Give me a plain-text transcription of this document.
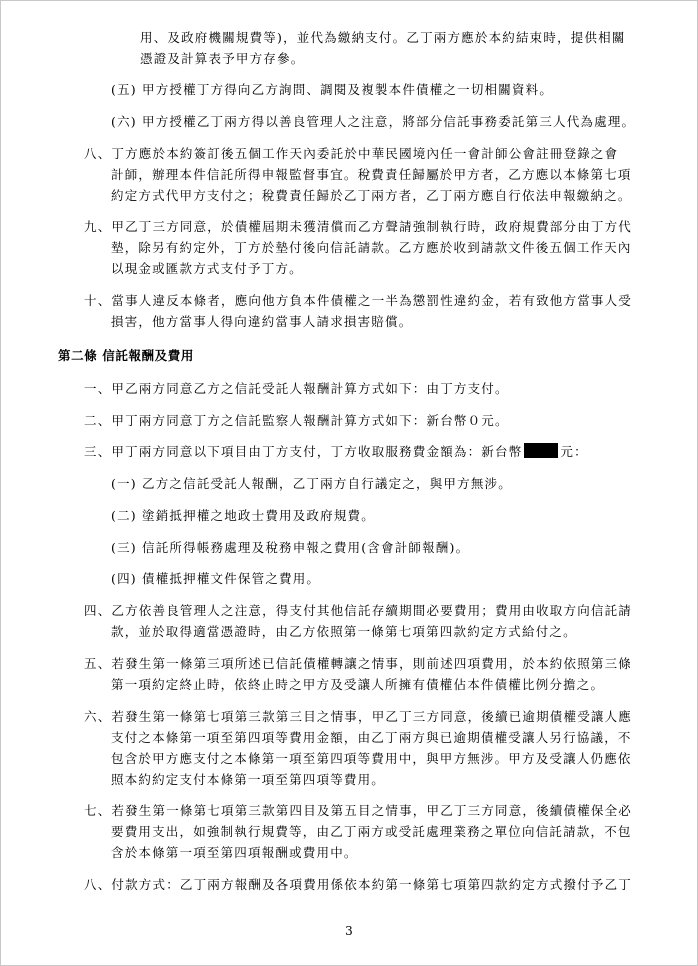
用、及政府機關規費等)，並代為繳納支付。乙丁兩方應於本約結束時，提供相關
憑證及計算表予甲方存參。
(五) 甲方授權丁方得向乙方詢問、調閱及複製本件債權之一切相關資料。
(六) 甲方授權乙丁兩方得以善良管理人之注意，將部分信託事務委託第三人代為處理。
八、丁方應於本約簽訂後五個工作天內委託於中華民國境內任一會計師公會註冊登錄之會
計師，辦理本件信託所得申報監督事宜。稅費責任歸屬於甲方者，乙方應以本條第七項
約定方式代甲方支付之；稅費責任歸於乙丁兩方者，乙丁兩方應自行依法申報繳納之。
九、甲乙丁三方同意，於債權屆期未獲清償而乙方聲請強制執行時，政府規費部分由丁方代
墊，除另有約定外，丁方於墊付後向信託請款。乙方應於收到請款文件後五個工作天內
以現金或匯款方式支付予丁方。
十、當事人違反本條者，應向他方負本件債權之一半為懲罰性違約金，若有致他方當事人受
損害，他方當事人得向違約當事人請求損害賠償。
第二條 信託報酬及費用
一、甲乙兩方同意乙方之信託受託人報酬計算方式如下：由丁方支付。
二、甲丁兩方同意丁方之信託監察人報酬計算方式如下：新台幣０元。
三、甲丁兩方同意以下項目由丁方支付，丁方收取服務費金額為：新台幣	元：
(一) 乙方之信託受託人報酬，乙丁兩方自行議定之，與甲方無涉。
(二) 塗銷抵押權之地政士費用及政府規費。
(三) 信託所得帳務處理及稅務申報之費用(含會計師報酬)。
(四) 債權抵押權文件保管之費用。
四、乙方依善良管理人之注意，得支付其他信託存續期間必要費用；費用由收取方向信託請
款，並於取得適當憑證時，由乙方依照第一條第七項第四款約定方式給付之。
五、若發生第一條第三項所述已信託債權轉讓之情事，則前述四項費用，於本約依照第三條
第一項約定終止時，依終止時之甲方及受讓人所擁有債權佔本件債權比例分擔之。
六、若發生第一條第七項第三款第三目之情事，甲乙丁三方同意，後續已逾期債權受讓人應
支付之本條第一項至第四項等費用金額，由乙丁兩方與已逾期債權受讓人另行協議，不
包含於甲方應支付之本條第一項至第四項等費用中，與甲方無涉。甲方及受讓人仍應依
照本約約定支付本條第一項至第四項等費用。
七、若發生第一條第七項第三款第四目及第五目之情事，甲乙丁三方同意，後續債權保全必
要費用支出，如強制執行規費等，由乙丁兩方或受託處理業務之單位向信託請款，不包
含於本條第一項至第四項報酬或費用中。
八、付款方式：乙丁兩方報酬及各項費用係依本約第一條第七項第四款約定方式撥付予乙丁
3
